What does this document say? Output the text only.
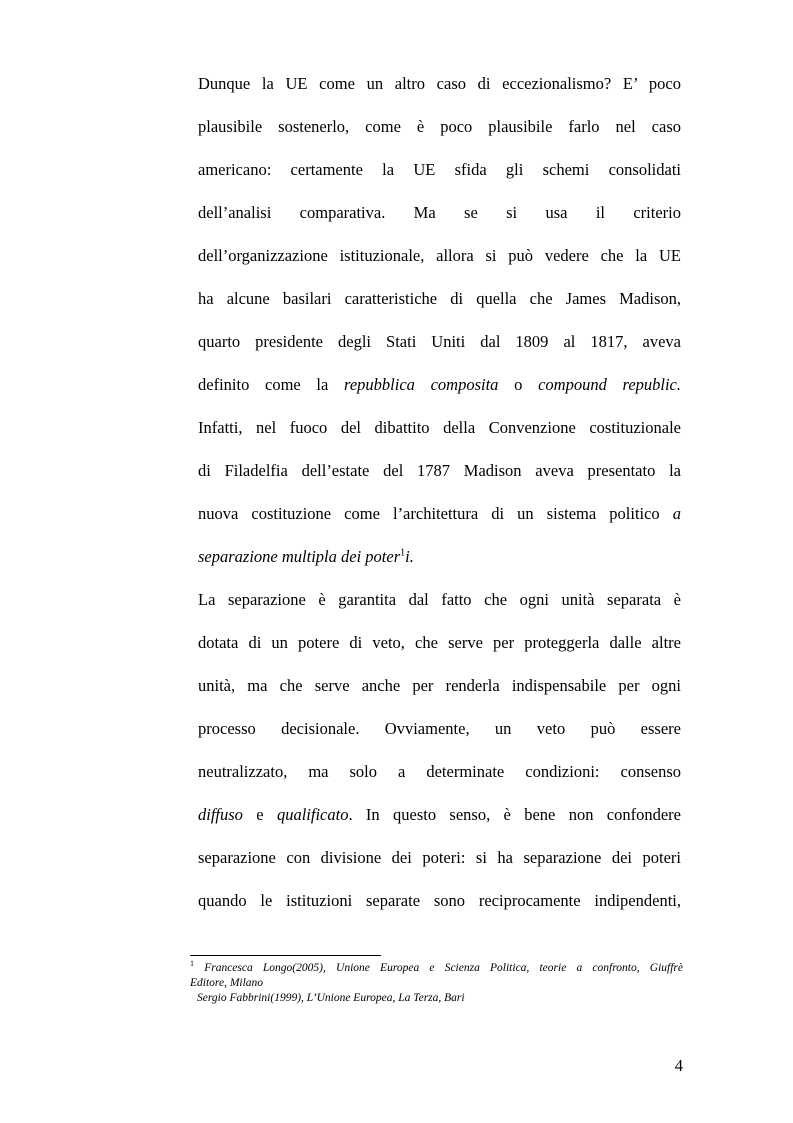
Dunque la UE come un altro caso di eccezionalismo? E’ poco
plausibile sostenerlo, come è poco plausibile farlo nel caso
americano: certamente la UE sfida gli schemi consolidati
dell’analisi comparativa. Ma se si usa il criterio
dell’organizzazione istituzionale, allora si può vedere che la UE
ha alcune basilari caratteristiche di quella che James Madison,
quarto presidente degli Stati Uniti dal 1809 al 1817, aveva
definito come la repubblica composita o compound republic.
Infatti, nel fuoco del dibattito della Convenzione costituzionale
di Filadelfia dell’estate del 1787 Madison aveva presentato la
nuova costituzione come l’architettura di un sistema politico a
separazione multipla dei poter$^1$i.
La separazione è garantita dal fatto che ogni unità separata è
dotata di un potere di veto, che serve per proteggerla dalle altre
unità, ma che serve anche per renderla indispensabile per ogni
processo decisionale. Ovviamente, un veto può essere
neutralizzato, ma solo a determinate condizioni: consenso
diffuso e qualificato. In questo senso, è bene non confondere
separazione con divisione dei poteri: si ha separazione dei poteri
quando le istituzioni separate sono reciprocamente indipendenti,
$^1$ Francesca Longo(2005), Unione Europea e Scienza Politica, teorie a confronto, Giuffrè
Editore, Milano
Sergio Fabbrini(1999), L’Unione Europea, La Terza, Bari
4
